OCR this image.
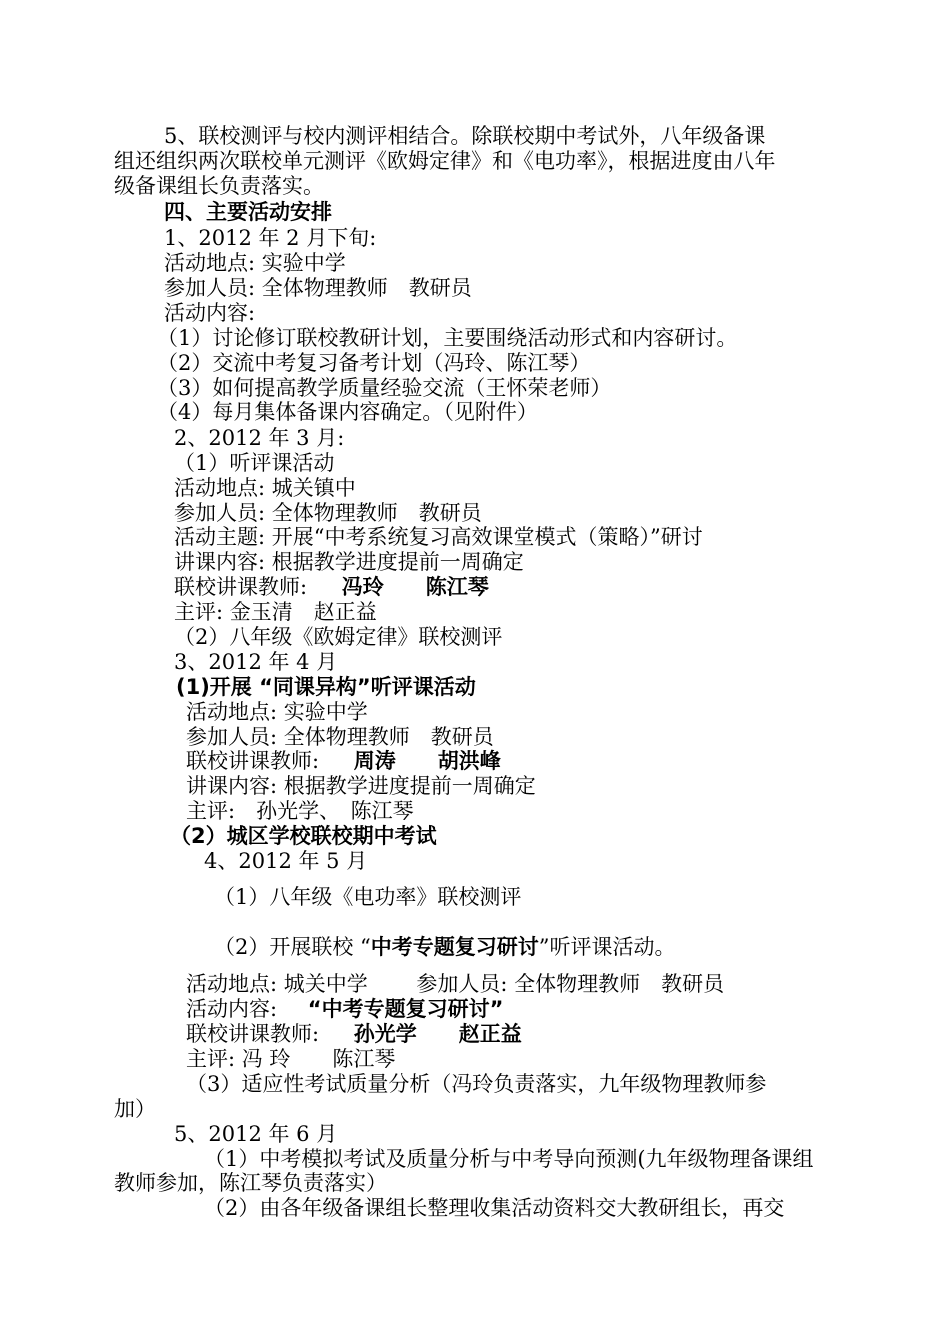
5、联校测评与校内测评相结合。除联校期中考试外，八年级备课
组还组织两次联校单元测评《欧姆定律》和《电功率》，根据进度由八年
级备课组长负责落实。
四、主要活动安排
1、2012 年 2 月下旬:
活动地点: 实验中学
参加人员: 全体物理教师　教研员
活动内容:
（1）讨论修订联校教研计划，主要围绕活动形式和内容研讨。
（2）交流中考复习备考计划（冯玲、陈江琴）
（3）如何提高教学质量经验交流（王怀荣老师）
（4）每月集体备课内容确定。（见附件）
2、2012 年 3 月:
（1）听评课活动
活动地点: 城关镇中
参加人员: 全体物理教师　教研员
活动主题: 开展“中考系统复习高效课堂模式（策略）”研讨
讲课内容: 根据教学进度提前一周确定
联校讲课教师: 冯玲　　陈江琴
主评: 金玉清　赵正益
（2）八年级《欧姆定律》联校测评
3、2012 年 4 月
(1)开展 “同课异构”听评课活动
活动地点: 实验中学
参加人员: 全体物理教师　教研员
联校讲课教师: 周涛　　胡洪峰
讲课内容: 根据教学进度提前一周确定
主评:　孙光学、　陈江琴
（2）城区学校联校期中考试
4、2012 年 5 月
（1）八年级《电功率》联校测评
（2）开展联校 “中考专题复习研讨”听评课活动。
活动地点: 城关中学　　 参加人员: 全体物理教师　教研员
活动内容: “中考专题复习研讨”
联校讲课教师: 孙光学　　赵正益
主评: 冯 玲　　陈江琴
（3）适应性考试质量分析（冯玲负责落实，九年级物理教师参
加）
5、2012 年 6 月
（1）中考模拟考试及质量分析与中考导向预测(九年级物理备课组
教师参加，陈江琴负责落实）
（2）由各年级备课组长整理收集活动资料交大教研组长，再交
